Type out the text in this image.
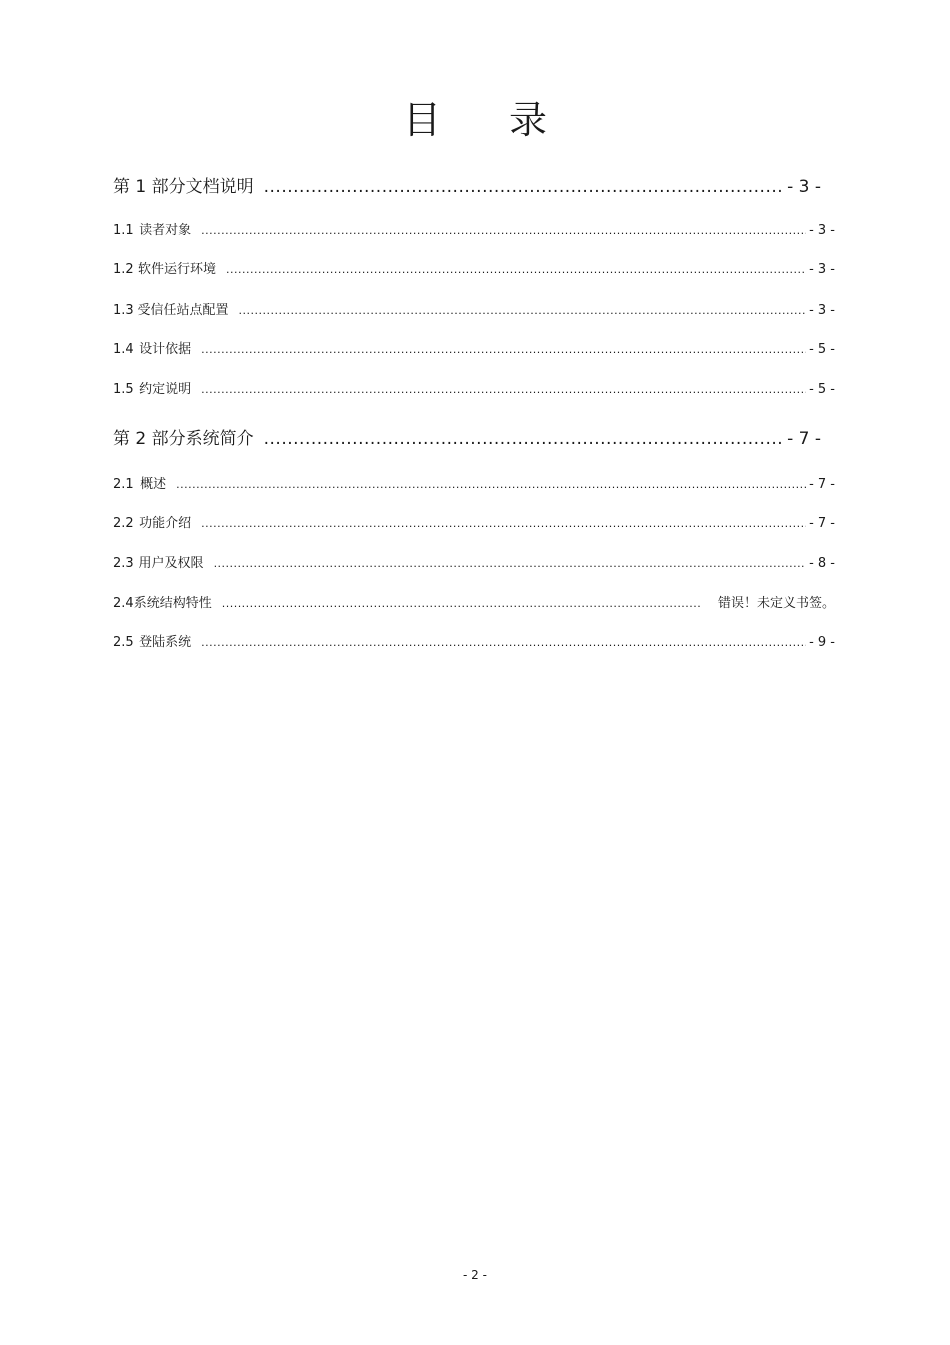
目 录
第 1 部分 文档说明 .....	- 3 -
1.1 读者对象 .....	- 3 -
1.2 软件运行环境 .....	- 3 -
1.3 受信任站点配置 .....	- 3 -
1.4 设计依据 .....	- 5 -
1.5 约定说明 .....	- 5 -
第 2 部分 系统简介 .....	- 7 -
2.1 概述 .....	- 7 -
2.2 功能介绍 .....	- 7 -
2.3 用户及权限 .....	- 8 -
2.4 系统结构特性 .....	错误！未定义书签。
2.5 登陆系统 .....	- 9 -
- 2 -
